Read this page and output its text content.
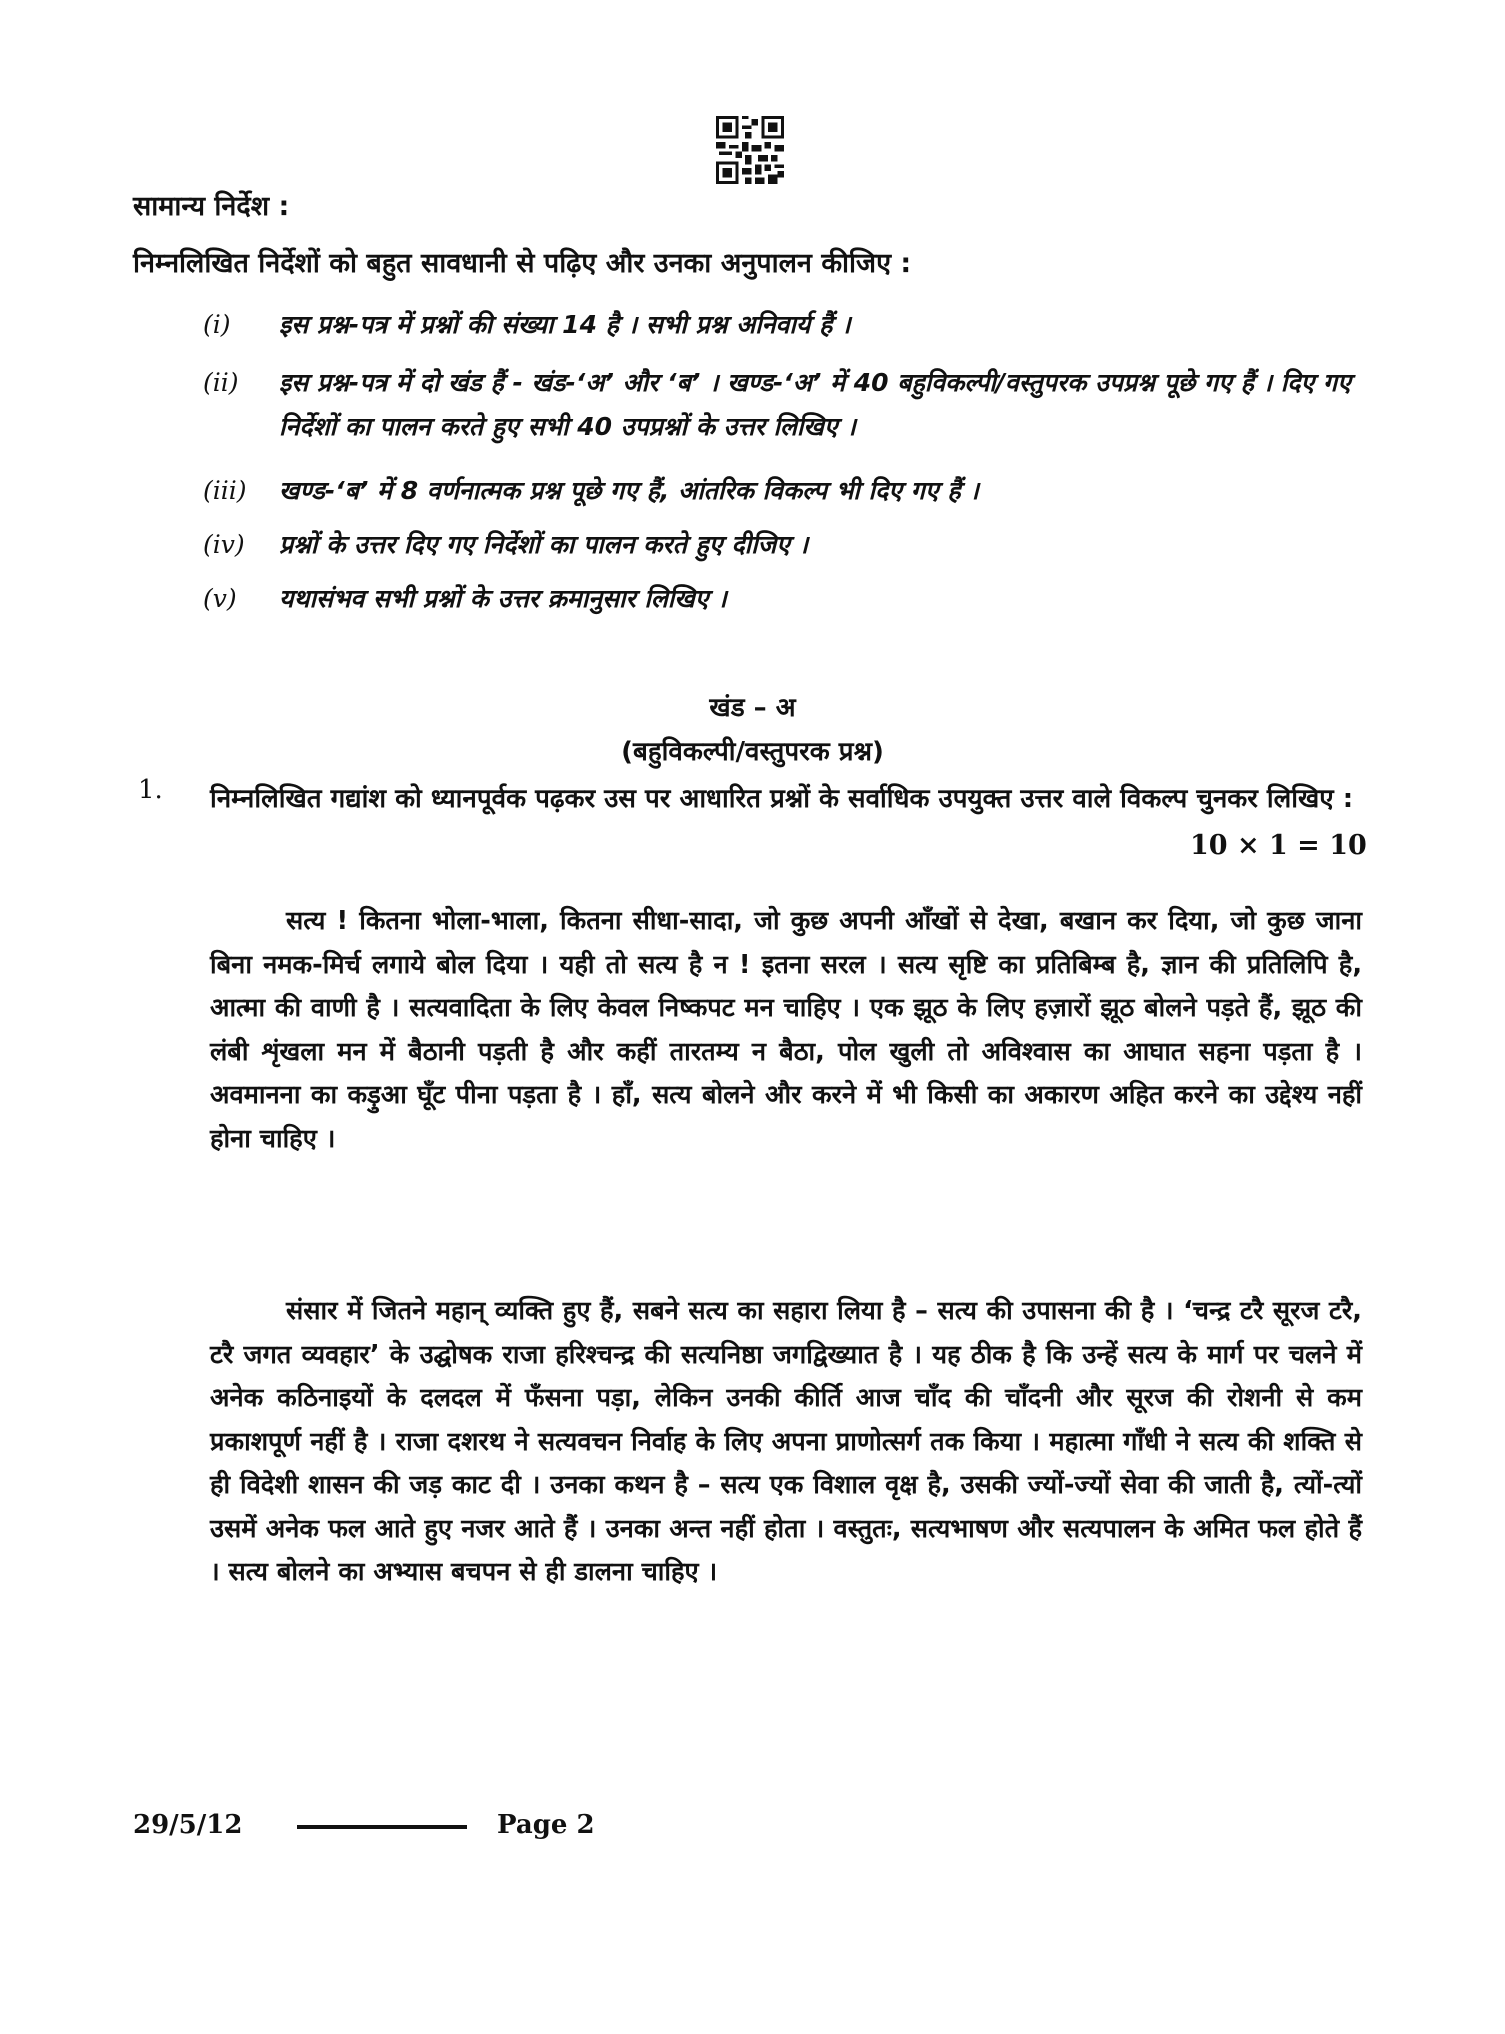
सामान्य निर्देश :
निम्नलिखित निर्देशों को बहुत सावधानी से पढ़िए और उनका अनुपालन कीजिए :
(i)	इस प्रश्न-पत्र में प्रश्नों की संख्या 14 है । सभी प्रश्न अनिवार्य हैं ।
(ii)	इस प्रश्न-पत्र में दो खंड हैं - खंड-‘अ’ और ‘ब’ । खण्ड-‘अ’ में 40 बहुविकल्पी/वस्तुपरक उपप्रश्न पूछे गए हैं । दिए गए निर्देशों का पालन करते हुए सभी 40 उपप्रश्नों के उत्तर लिखिए ।
(iii)	खण्ड-‘ब’ में 8 वर्णनात्मक प्रश्न पूछे गए हैं, आंतरिक विकल्प भी दिए गए हैं ।
(iv)	प्रश्नों के उत्तर दिए गए निर्देशों का पालन करते हुए दीजिए ।
(v)	यथासंभव सभी प्रश्नों के उत्तर क्रमानुसार लिखिए ।
खंड – अ
(बहुविकल्पी/वस्तुपरक प्रश्न)
1. निम्नलिखित गद्यांश को ध्यानपूर्वक पढ़कर उस पर आधारित प्रश्नों के सर्वाधिक उपयुक्त उत्तर वाले विकल्प चुनकर लिखिए :
10 × 1 = 10

सत्य ! कितना भोला-भाला, कितना सीधा-सादा, जो कुछ अपनी आँखों से देखा, बखान कर दिया, जो कुछ जाना बिना नमक-मिर्च लगाये बोल दिया । यही तो सत्य है न ! इतना सरल । सत्य सृष्टि का प्रतिबिम्ब है, ज्ञान की प्रतिलिपि है, आत्मा की वाणी है । सत्यवादिता के लिए केवल निष्कपट मन चाहिए । एक झूठ के लिए हज़ारों झूठ बोलने पड़ते हैं, झूठ की लंबी शृंखला मन में बैठानी पड़ती है और कहीं तारतम्य न बैठा, पोल खुली तो अविश्वास का आघात सहना पड़ता है । अवमानना का कड़ुआ घूँट पीना पड़ता है । हाँ, सत्य बोलने और करने में भी किसी का अकारण अहित करने का उद्देश्य नहीं होना चाहिए ।

संसार में जितने महान् व्यक्ति हुए हैं, सबने सत्य का सहारा लिया है – सत्य की उपासना की है । ‘चन्द्र टरै सूरज टरै, टरै जगत व्यवहार’ के उद्घोषक राजा हरिश्चन्द्र की सत्यनिष्ठा जगद्विख्यात है । यह ठीक है कि उन्हें सत्य के मार्ग पर चलने में अनेक कठिनाइयों के दलदल में फँसना पड़ा, लेकिन उनकी कीर्ति आज चाँद की चाँदनी और सूरज की रोशनी से कम प्रकाशपूर्ण नहीं है । राजा दशरथ ने सत्यवचन निर्वाह के लिए अपना प्राणोत्सर्ग तक किया । महात्मा गाँधी ने सत्य की शक्ति से ही विदेशी शासन की जड़ काट दी । उनका कथन है – सत्य एक विशाल वृक्ष है, उसकी ज्यों-ज्यों सेवा की जाती है, त्यों-त्यों उसमें अनेक फल आते हुए नजर आते हैं । उनका अन्त नहीं होता । वस्तुतः, सत्यभाषण और सत्यपालन के अमित फल होते हैं । सत्य बोलने का अभ्यास बचपन से ही डालना चाहिए ।

29/5/12	Page 2
